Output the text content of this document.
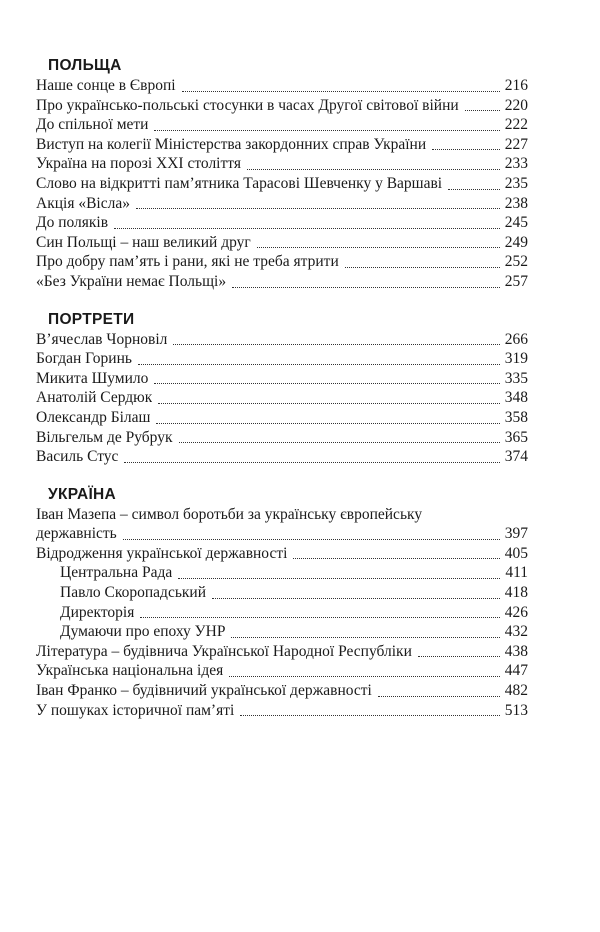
ПОЛЬЩА
Наше сонце в Європі	216
Про українсько-польські стосунки в часах Другої світової війни	220
До спільної мети	222
Виступ на колегії Міністерства закордонних справ України	227
Україна на порозі XXI століття	233
Слово на відкритті пам’ятника Тарасові Шевченку у Варшаві	235
Акція «Вісла»	238
До поляків	245
Син Польщі – наш великий друг	249
Про добру пам’ять і рани, які не треба ятрити	252
«Без України немає Польщі»	257
ПОРТРЕТИ
В’ячеслав Чорновіл	266
Богдан Горинь	319
Микита Шумило	335
Анатолій Сердюк	348
Олександр Білаш	358
Вільгельм де Рубрук	365
Василь Стус	374
УКРАЇНА
Іван Мазепа – символ боротьби за українську європейську
державність	397
Відродження української державності	405
Центральна Рада	411
Павло Скоропадський	418
Директорія	426
Думаючи про епоху УНР	432
Література – будівнича Української Народної Республіки	438
Українська національна ідея	447
Іван Франко – будівничий української державності	482
У пошуках історичної пам’яті	513
